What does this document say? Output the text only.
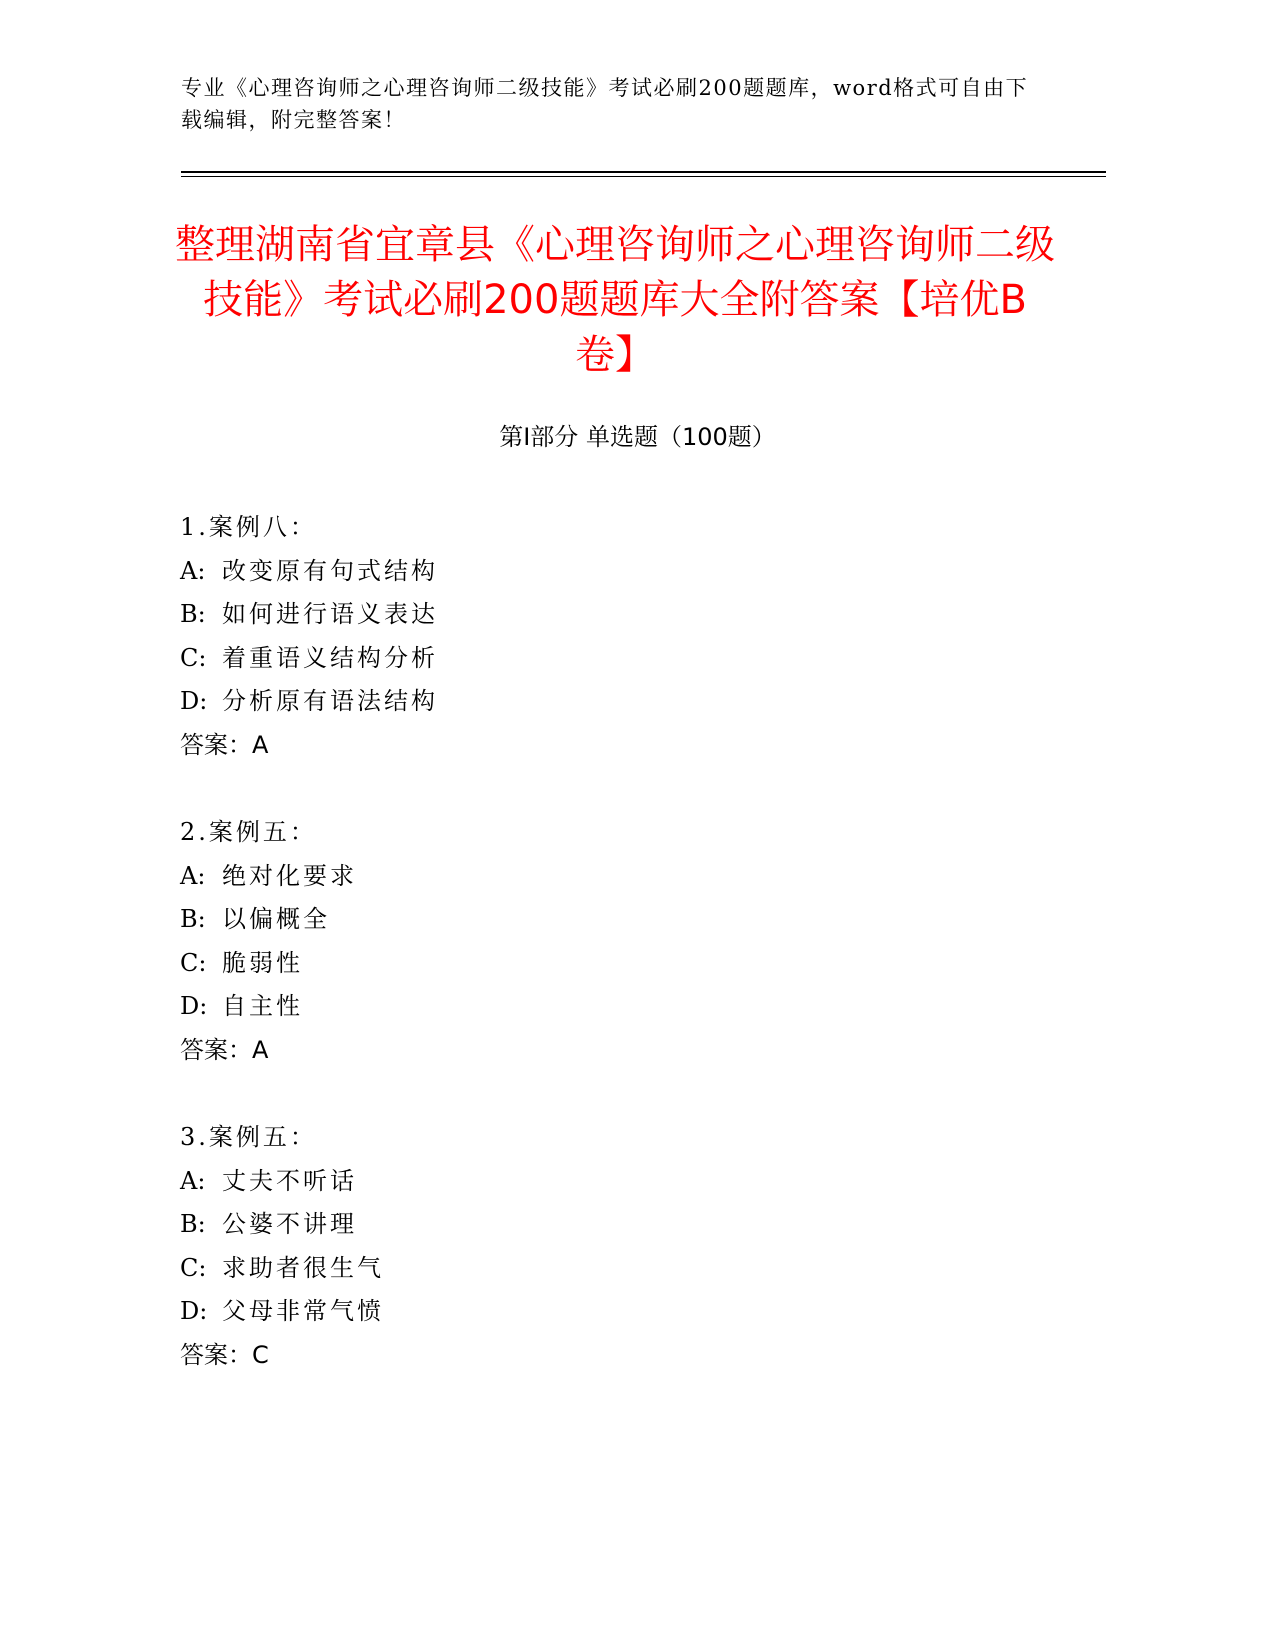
专业《心理咨询师之心理咨询师二级技能》考试必刷200题题库，word格式可自由下载编辑，附完整答案！

整理湖南省宜章县《心理咨询师之心理咨询师二级技能》考试必刷200题题库大全附答案【培优B卷】
第Ⅰ部分 单选题（100题）
1.案例八：
A: 改变原有句式结构
B: 如何进行语义表达
C: 着重语义结构分析
D: 分析原有语法结构
答案：A
2.案例五：
A: 绝对化要求
B: 以偏概全
C: 脆弱性
D: 自主性
答案：A
3.案例五：
A: 丈夫不听话
B: 公婆不讲理
C: 求助者很生气
D: 父母非常气愤
答案：C
